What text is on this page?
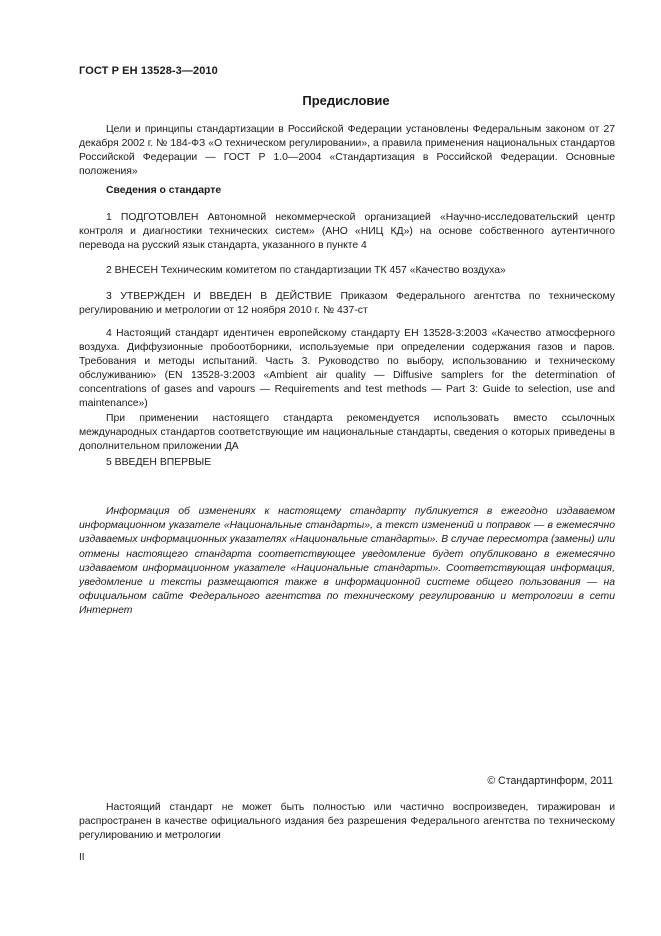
ГОСТ Р ЕН 13528-3—2010
Предисловие

Цели и принципы стандартизации в Российской Федерации установлены Федеральным законом от 27 декабря 2002 г. № 184-ФЗ «О техническом регулировании», а правила применения национальных стандартов Российской Федерации — ГОСТ Р 1.0—2004 «Стандартизация в Российской Федерации. Основные положения»

Сведения о стандарте

1 ПОДГОТОВЛЕН Автономной некоммерческой организацией «Научно-исследовательский центр контроля и диагностики технических систем» (АНО «НИЦ КД») на основе собственного аутентичного перевода на русский язык стандарта, указанного в пункте 4

2 ВНЕСЕН Техническим комитетом по стандартизации ТК 457 «Качество воздуха»

3 УТВЕРЖДЕН И ВВЕДЕН В ДЕЙСТВИЕ Приказом Федерального агентства по техническому регулированию и метрологии от 12 ноября 2010 г. № 437-ст

4 Настоящий стандарт идентичен европейскому стандарту ЕН 13528-3:2003 «Качество атмосферного воздуха. Диффузионные пробоотборники, используемые при определении содержания газов и паров. Требования и методы испытаний. Часть 3. Руководство по выбору, использованию и техническому обслуживанию» (EN 13528-3:2003 «Ambient air quality — Diffusive samplers for the determination of concentrations of gases and vapours — Requirements and test methods — Part 3: Guide to selection, use and maintenance»)

При применении настоящего стандарта рекомендуется использовать вместо ссылочных международных стандартов соответствующие им национальные стандарты, сведения о которых приведены в дополнительном приложении ДА

5 ВВЕДЕН ВПЕРВЫЕ

Информация об изменениях к настоящему стандарту публикуется в ежегодно издаваемом информационном указателе «Национальные стандарты», а текст изменений и поправок — в ежемесячно издаваемых информационных указателях «Национальные стандарты». В случае пересмотра (замены) или отмены настоящего стандарта соответствующее уведомление будет опубликовано в ежемесячно издаваемом информационном указателе «Национальные стандарты». Соответствующая информация, уведомление и тексты размещаются также в информационной системе общего пользования — на официальном сайте Федерального агентства по техническому регулированию и метрологии в сети Интернет

© Стандартинформ, 2011

Настоящий стандарт не может быть полностью или частично воспроизведен, тиражирован и распространен в качестве официального издания без разрешения Федерального агентства по техническому регулированию и метрологии

II
